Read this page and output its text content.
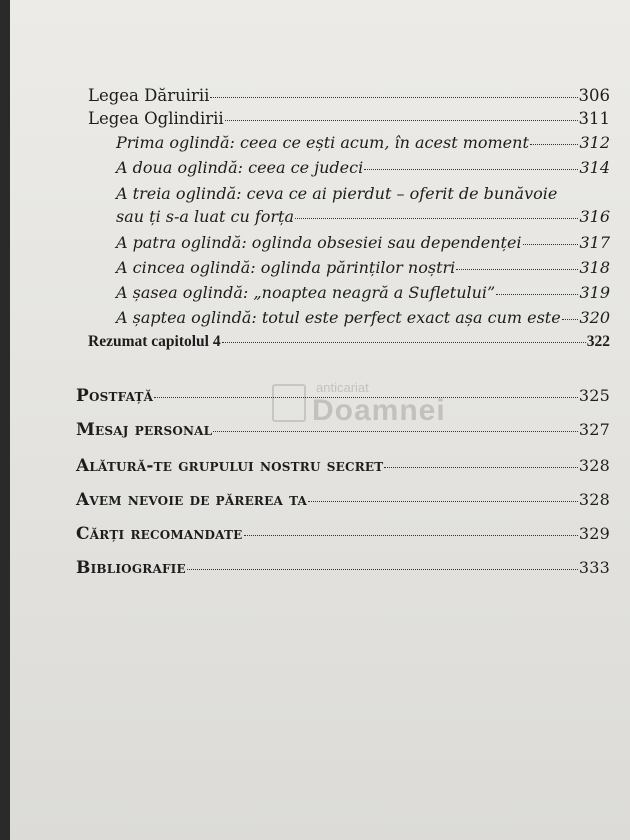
anticariat
Doamnei
Legea Dăruirii	306
Legea Oglindirii	311
Prima oglindă: ceea ce ești acum, în acest moment	312
A doua oglindă: ceea ce judeci	314
A treia oglindă: ceva ce ai pierdut – oferit de bunăvoie
sau ți s-a luat cu forța	316
A patra oglindă: oglinda obsesiei sau dependenței	317
A cincea oglindă: oglinda părinților noștri	318
A șasea oglindă: „noaptea neagră a Sufletului”	319
A șaptea oglindă: totul este perfect exact așa cum este 320
Rezumat capitolul 4	322
Postfață	325
Mesaj personal	327
Alătură-te grupului nostru secret	328
Avem nevoie de părerea ta	328
Cărți recomandate	329
Bibliografie	333
